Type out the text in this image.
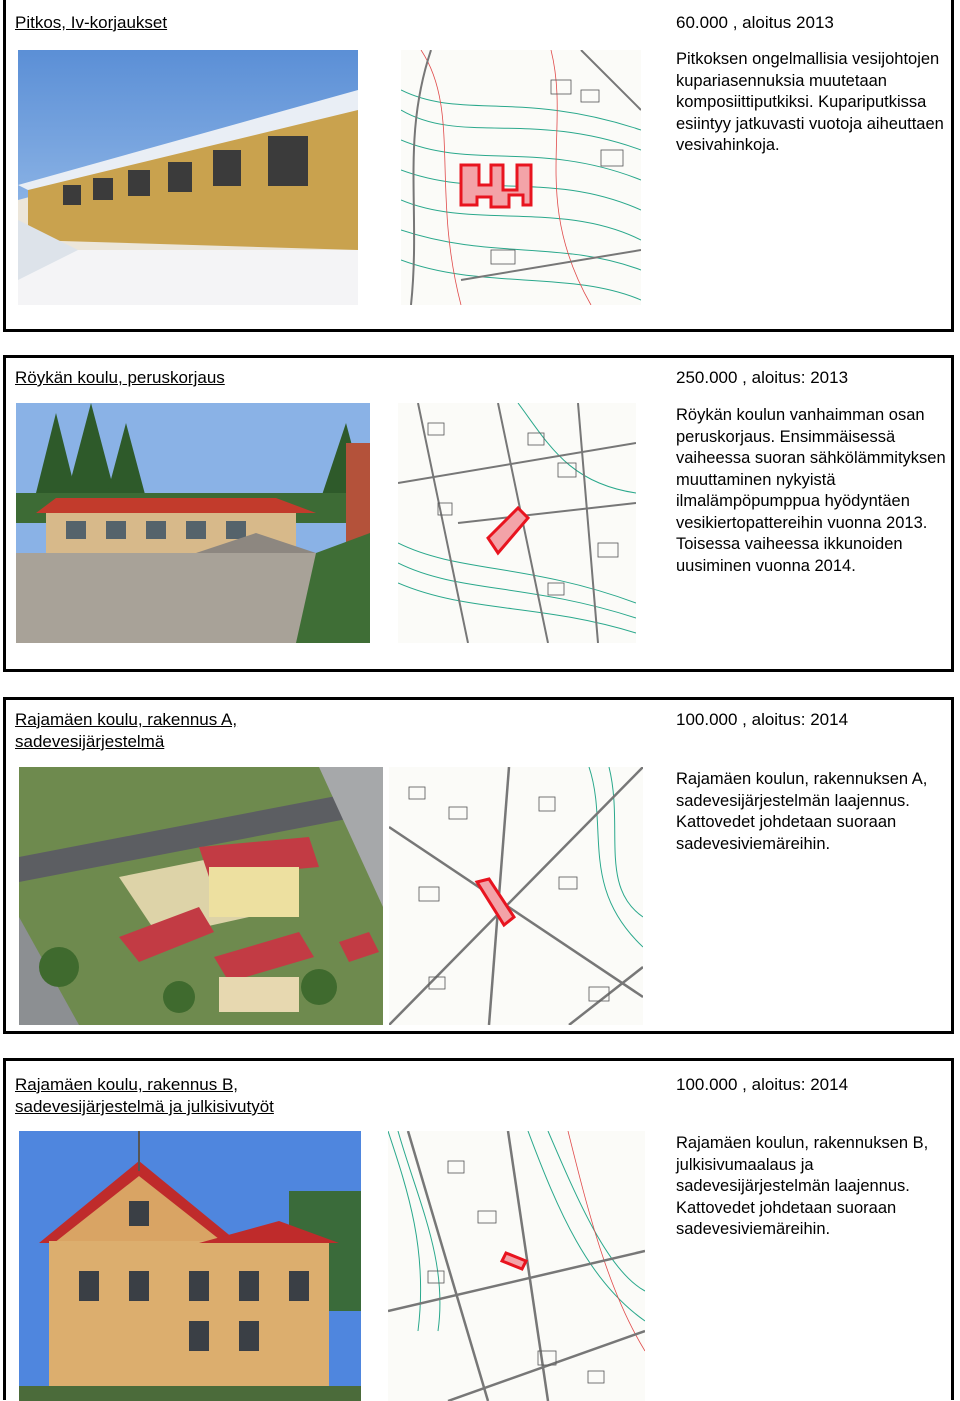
Pitkos, Iv-korjaukset	60.000 , aloitus 2013
Pitkoksen ongelmallisia vesijohtojen kupariasennuksia muutetaan komposiittiputkiksi. Kupariputkissa esiintyy jatkuvasti vuotoja aiheuttaen vesivahinkoja.
Röykän koulu, peruskorjaus	250.000 , aloitus: 2013
Röykän koulun vanhaimman osan peruskorjaus. Ensimmäisessä vaiheessa suoran sähkölämmityksen muuttaminen nykyistä ilmalämpöpumppua hyödyntäen vesikiertopattereihin vuonna 2013. Toisessa vaiheessa ikkunoiden uusiminen vuonna 2014.
Rajamäen koulu, rakennus A,
sadevesijärjestelmä
100.000 , aloitus: 2014
Rajamäen koulun, rakennuksen A, sadevesijärjestelmän laajennus. Kattovedet johdetaan suoraan sadevesiviemäreihin.
Rajamäen koulu, rakennus B,
sadevesijärjestelmä ja julkisivutyöt
100.000 , aloitus: 2014
Rajamäen koulun, rakennuksen B, julkisivumaalaus ja sadevesijärjestelmän laajennus. Kattovedet johdetaan suoraan sadevesiviemäreihin.
